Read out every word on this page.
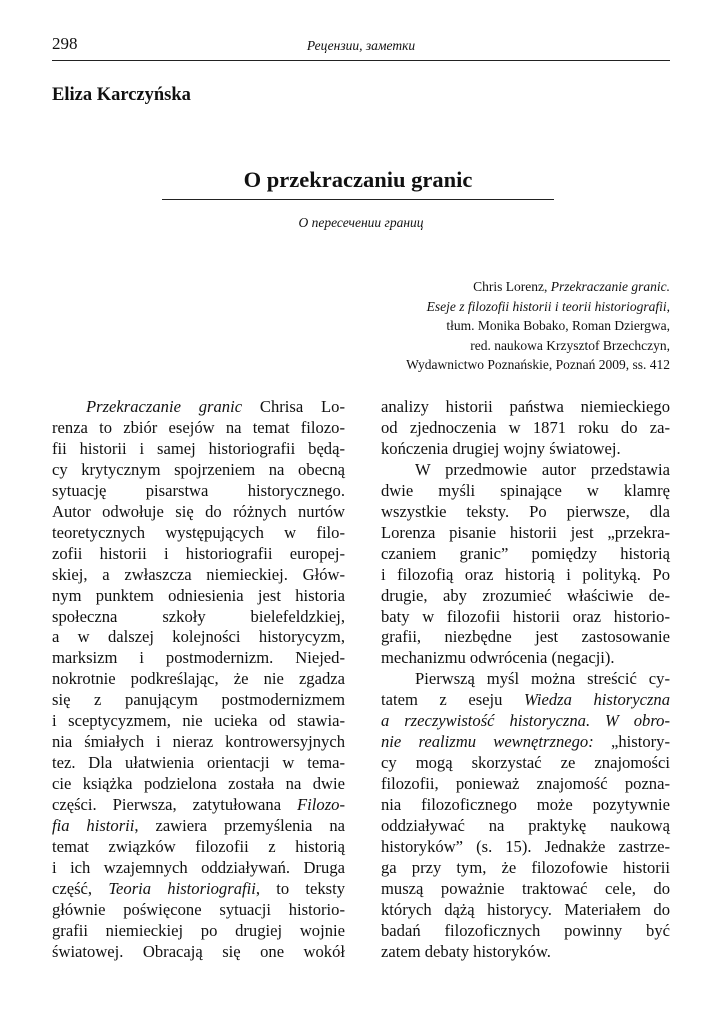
298	Рецензии, заметки
Eliza Karczyńska
O przekraczaniu granic
О пересечении границ
Chris Lorenz, Przekraczanie granic.
Eseje z filozofii historii i teorii historiografii,
tłum. Monika Bobako, Roman Dziergwa,
red. naukowa Krzysztof Brzechczyn,
Wydawnictwo Poznańskie, Poznań 2009, ss. 412
Przekraczanie granic Chrisa Lo-
renza to zbiór esejów na temat filozo-
fii historii i samej historiografii będą-
cy krytycznym spojrzeniem na obecną
sytuację pisarstwa historycznego.
Autor odwołuje się do różnych nurtów
teoretycznych występujących w filo-
zofii historii i historiografii europej-
skiej, a zwłaszcza niemieckiej. Głów-
nym punktem odniesienia jest historia
społeczna szkoły bielefeldzkiej,
a w dalszej kolejności historycyzm,
marksizm i postmodernizm. Niejed-
nokrotnie podkreślając, że nie zgadza
się z panującym postmodernizmem
i sceptycyzmem, nie ucieka od stawia-
nia śmiałych i nieraz kontrowersyjnych
tez. Dla ułatwienia orientacji w tema-
cie książka podzielona została na dwie
części. Pierwsza, zatytułowana Filozo-
fia historii, zawiera przemyślenia na
temat związków filozofii z historią
i ich wzajemnych oddziaływań. Druga
część, Teoria historiografii, to teksty
głównie poświęcone sytuacji historio-
grafii niemieckiej po drugiej wojnie
światowej. Obracają się one wokół
analizy historii państwa niemieckiego
od zjednoczenia w 1871 roku do za-
kończenia drugiej wojny światowej.
W przedmowie autor przedstawia
dwie myśli spinające w klamrę
wszystkie teksty. Po pierwsze, dla
Lorenza pisanie historii jest „przekra-
czaniem granic” pomiędzy historią
i filozofią oraz historią i polityką. Po
drugie, aby zrozumieć właściwie de-
baty w filozofii historii oraz historio-
grafii, niezbędne jest zastosowanie
mechanizmu odwrócenia (negacji).
Pierwszą myśl można streścić cy-
tatem z eseju Wiedza historyczna
a rzeczywistość historyczna. W obro-
nie realizmu wewnętrznego: „history-
cy mogą skorzystać ze znajomości
filozofii, ponieważ znajomość pozna-
nia filozoficznego może pozytywnie
oddziaływać na praktykę naukową
historyków” (s. 15). Jednakże zastrze-
ga przy tym, że filozofowie historii
muszą poważnie traktować cele, do
których dążą historycy. Materiałem do
badań filozoficznych powinny być
zatem debaty historyków.
